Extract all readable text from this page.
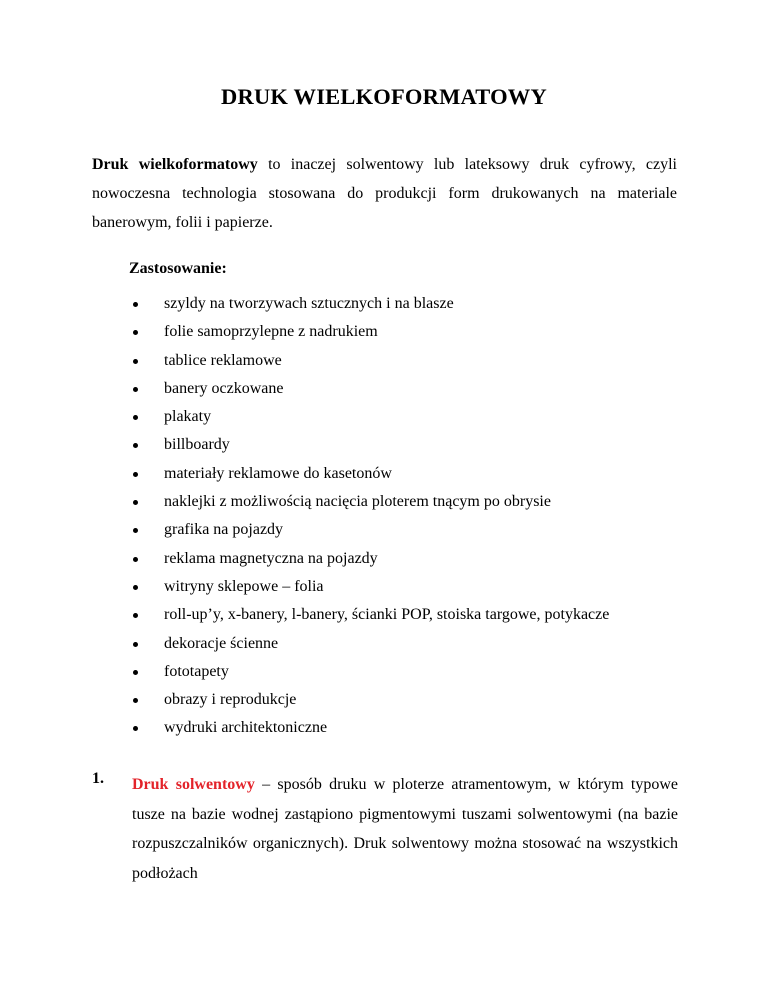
DRUK WIELKOFORMATOWY

Druk wielkoformatowy to inaczej solwentowy lub lateksowy druk cyfrowy, czyli nowoczesna technologia stosowana do produkcji form drukowanych na materiale banerowym, folii i papierze.

Zastosowanie:

szyldy na tworzywach sztucznych i na blasze
folie samoprzylepne z nadrukiem
tablice reklamowe
banery oczkowane
plakaty
billboardy
materiały reklamowe do kasetonów
naklejki z możliwością nacięcia ploterem tnącym po obrysie
grafika na pojazdy
reklama magnetyczna na pojazdy
witryny sklepowe – folia
roll-up’y, x-banery, l-banery, ścianki POP, stoiska targowe, potykacze
dekoracje ścienne
fototapety
obrazy i reprodukcje
wydruki architektoniczne
1. Druk solwentowy – sposób druku w ploterze atramentowym, w którym typowe tusze na bazie wodnej zastąpiono pigmentowymi tuszami solwentowymi (na bazie rozpuszczalników organicznych). Druk solwentowy można stosować na wszystkich podłożach
